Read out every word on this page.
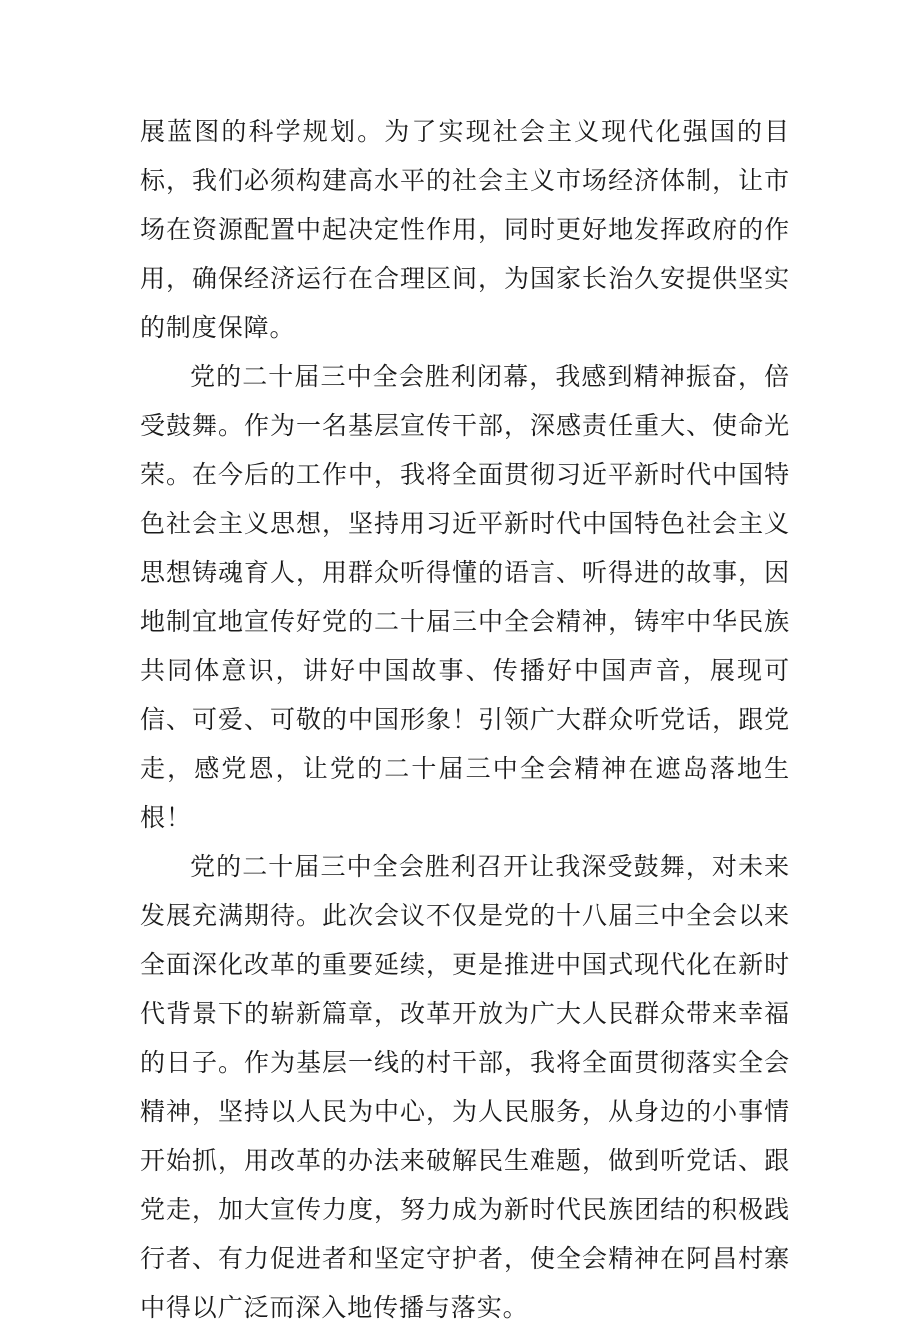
展蓝图的科学规划。为了实现社会主义现代化强国的目标，我们必须构建高水平的社会主义市场经济体制，让市场在资源配置中起决定性作用，同时更好地发挥政府的作用，确保经济运行在合理区间，为国家长治久安提供坚实的制度保障。

党的二十届三中全会胜利闭幕，我感到精神振奋，倍受鼓舞。作为一名基层宣传干部，深感责任重大、使命光荣。在今后的工作中，我将全面贯彻习近平新时代中国特色社会主义思想，坚持用习近平新时代中国特色社会主义思想铸魂育人，用群众听得懂的语言、听得进的故事，因地制宜地宣传好党的二十届三中全会精神，铸牢中华民族共同体意识，讲好中国故事、传播好中国声音，展现可信、可爱、可敬的中国形象！引领广大群众听党话，跟党走，感党恩，让党的二十届三中全会精神在遮岛落地生根！

党的二十届三中全会胜利召开让我深受鼓舞，对未来发展充满期待。此次会议不仅是党的十八届三中全会以来全面深化改革的重要延续，更是推进中国式现代化在新时代背景下的崭新篇章，改革开放为广大人民群众带来幸福的日子。作为基层一线的村干部，我将全面贯彻落实全会精神，坚持以人民为中心，为人民服务，从身边的小事情开始抓，用改革的办法来破解民生难题，做到听党话、跟党走，加大宣传力度，努力成为新时代民族团结的积极践行者、有力促进者和坚定守护者，使全会精神在阿昌村寨中得以广泛而深入地传播与落实。
